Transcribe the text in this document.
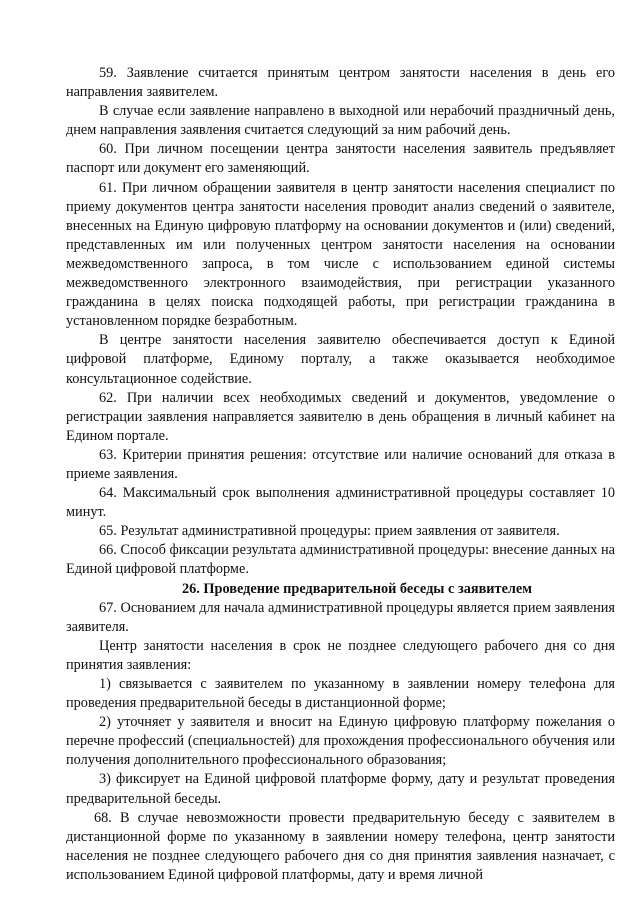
59. Заявление считается принятым центром занятости населения в день его направления заявителем.

В случае если заявление направлено в выходной или нерабочий праздничный день, днем направления заявления считается следующий за ним рабочий день.

60. При личном посещении центра занятости населения заявитель предъявляет паспорт или документ его заменяющий.

61. При личном обращении заявителя в центр занятости населения специалист по приему документов центра занятости населения проводит анализ сведений о заявителе, внесенных на Единую цифровую платформу на основании документов и (или) сведений, представленных им или полученных центром занятости населения на основании межведомственного запроса, в том числе с использованием единой системы межведомственного электронного взаимодействия, при регистрации указанного гражданина в целях поиска подходящей работы, при регистрации гражданина в установленном порядке безработным.

В центре занятости населения заявителю обеспечивается доступ к Единой цифровой платформе, Единому порталу, а также оказывается необходимое консультационное содействие.

62. При наличии всех необходимых сведений и документов, уведомление о регистрации заявления направляется заявителю в день обращения в личный кабинет на Едином портале.

63. Критерии принятия решения: отсутствие или наличие оснований для отказа в приеме заявления.

64. Максимальный срок выполнения административной процедуры составляет 10 минут.

65. Результат административной процедуры: прием заявления от заявителя.

66. Способ фиксации результата административной процедуры: внесение данных на Единой цифровой платформе.

26. Проведение предварительной беседы с заявителем

67. Основанием для начала административной процедуры является прием заявления заявителя.

Центр занятости населения в срок не позднее следующего рабочего дня со дня принятия заявления:

1) связывается с заявителем по указанному в заявлении номеру телефона для проведения предварительной беседы в дистанционной форме;

2) уточняет у заявителя и вносит на Единую цифровую платформу пожелания о перечне профессий (специальностей) для прохождения профессионального обучения или получения дополнительного профессионального образования;

3) фиксирует на Единой цифровой платформе форму, дату и результат проведения предварительной беседы.

68. В случае невозможности провести предварительную беседу с заявителем в дистанционной форме по указанному в заявлении номеру телефона, центр занятости населения не позднее следующего рабочего дня со дня принятия заявления назначает, с использованием Единой цифровой платформы, дату и время личной
